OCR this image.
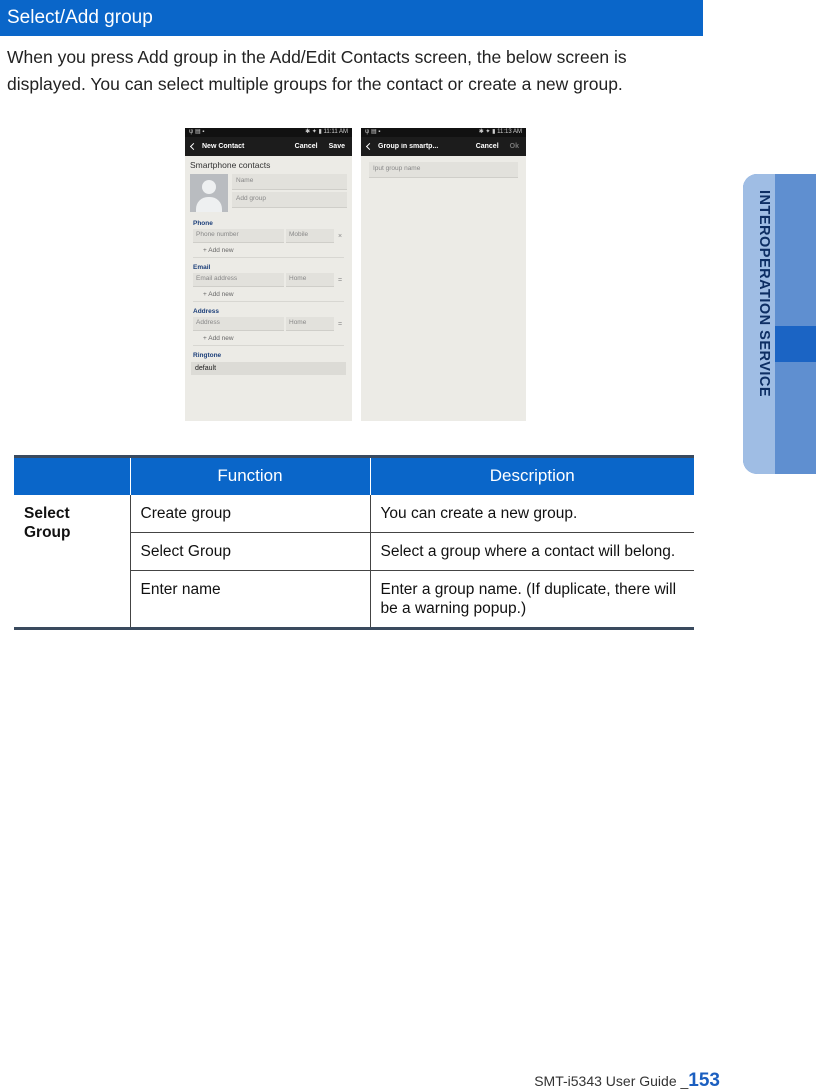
Select/Add group

When you press Add group in the Add/Edit Contacts screen, the below screen is displayed. You can select multiple groups for the contact or create a new group.

ψ ▤ ▪	✱ ✦ ▮ 11:11 AM
New Contact	Cancel	Save
Smartphone contacts
Name
Add group
Phone
Phone number	Mobile	×
+ Add new
Email
Email address	Home	=
+ Add new
Address
Address	Home	=
+ Add new
Ringtone
default
ψ ▤ ▪	✱ ✦ ▮ 11:13 AM
Group in smartp...	Cancel	Ok
Iput group name
	Function	Description
Select Group	Create group	You can create a new group.
	Select Group	Select a group where a contact will belong.
	Enter name	Enter a group name. (If duplicate, there will be a warning popup.)
INTEROPERATION SERVICE
SMT-i5343 User Guide _153
